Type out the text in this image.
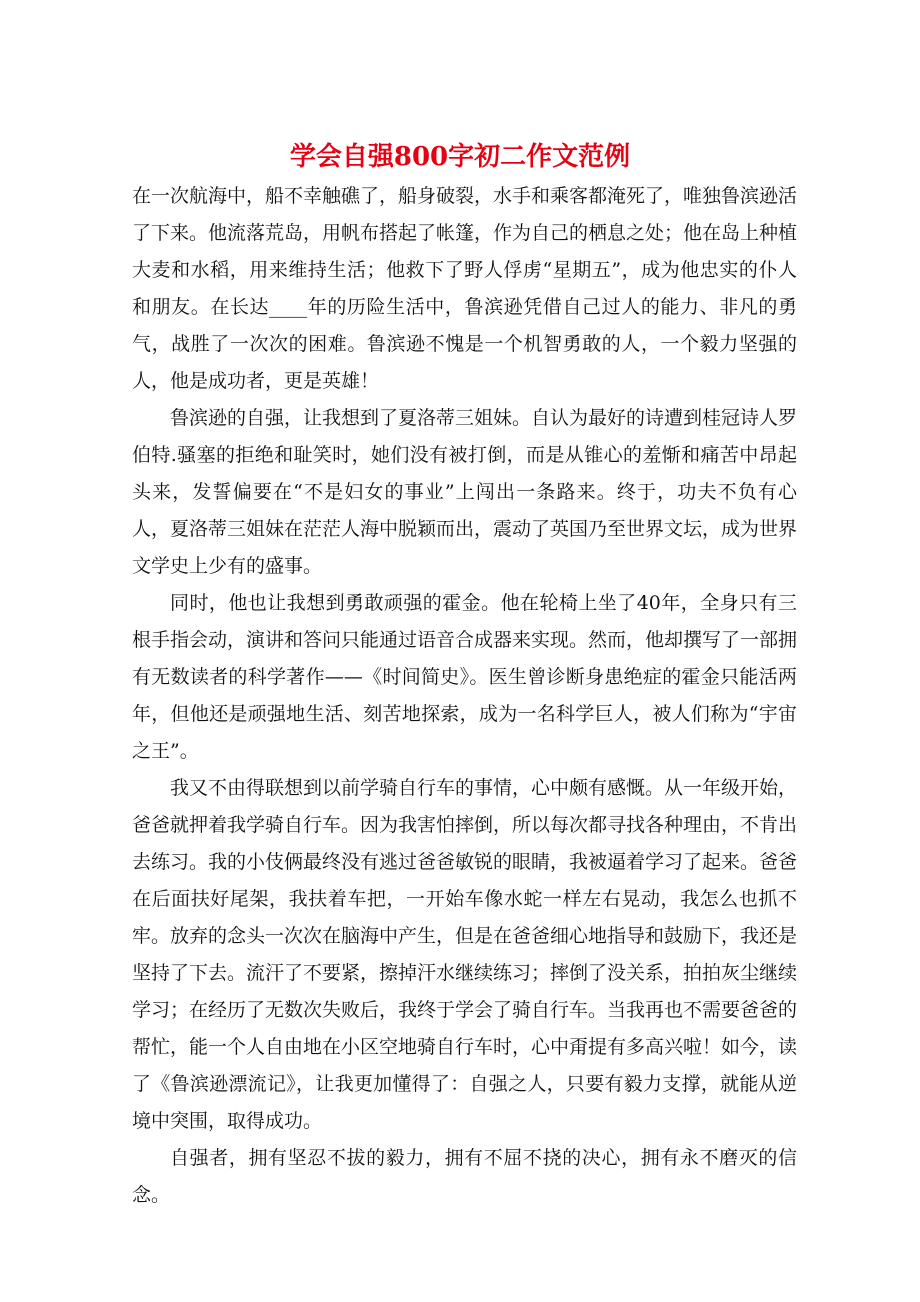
学会自强800字初二作文范例

在一次航海中，船不幸触礁了，船身破裂，水手和乘客都淹死了，唯独鲁滨逊活了下来。他流落荒岛，用帆布搭起了帐篷，作为自己的栖息之处；他在岛上种植大麦和水稻，用来维持生活；他救下了野人俘虏“星期五”，成为他忠实的仆人和朋友。在长达____年的历险生活中，鲁滨逊凭借自己过人的能力、非凡的勇气，战胜了一次次的困难。鲁滨逊不愧是一个机智勇敢的人，一个毅力坚强的人，他是成功者，更是英雄！

鲁滨逊的自强，让我想到了夏洛蒂三姐妹。自认为最好的诗遭到桂冠诗人罗伯特.骚塞的拒绝和耻笑时，她们没有被打倒，而是从锥心的羞惭和痛苦中昂起头来，发誓偏要在“不是妇女的事业”上闯出一条路来。终于，功夫不负有心人，夏洛蒂三姐妹在茫茫人海中脱颖而出，震动了英国乃至世界文坛，成为世界文学史上少有的盛事。

同时，他也让我想到勇敢顽强的霍金。他在轮椅上坐了40年，全身只有三根手指会动，演讲和答问只能通过语音合成器来实现。然而，他却撰写了一部拥有无数读者的科学著作——《时间简史》。医生曾诊断身患绝症的霍金只能活两年，但他还是顽强地生活、刻苦地探索，成为一名科学巨人，被人们称为“宇宙之王”。

我又不由得联想到以前学骑自行车的事情，心中颇有感慨。从一年级开始，爸爸就押着我学骑自行车。因为我害怕摔倒，所以每次都寻找各种理由，不肯出去练习。我的小伎俩最终没有逃过爸爸敏锐的眼睛，我被逼着学习了起来。爸爸在后面扶好尾架，我扶着车把，一开始车像水蛇一样左右晃动，我怎么也抓不牢。放弃的念头一次次在脑海中产生，但是在爸爸细心地指导和鼓励下，我还是坚持了下去。流汗了不要紧，擦掉汗水继续练习；摔倒了没关系，拍拍灰尘继续学习；在经历了无数次失败后，我终于学会了骑自行车。当我再也不需要爸爸的帮忙，能一个人自由地在小区空地骑自行车时，心中甭提有多高兴啦！如今，读了《鲁滨逊漂流记》，让我更加懂得了：自强之人，只要有毅力支撑，就能从逆境中突围，取得成功。

自强者，拥有坚忍不拔的毅力，拥有不屈不挠的决心，拥有永不磨灭的信念。
